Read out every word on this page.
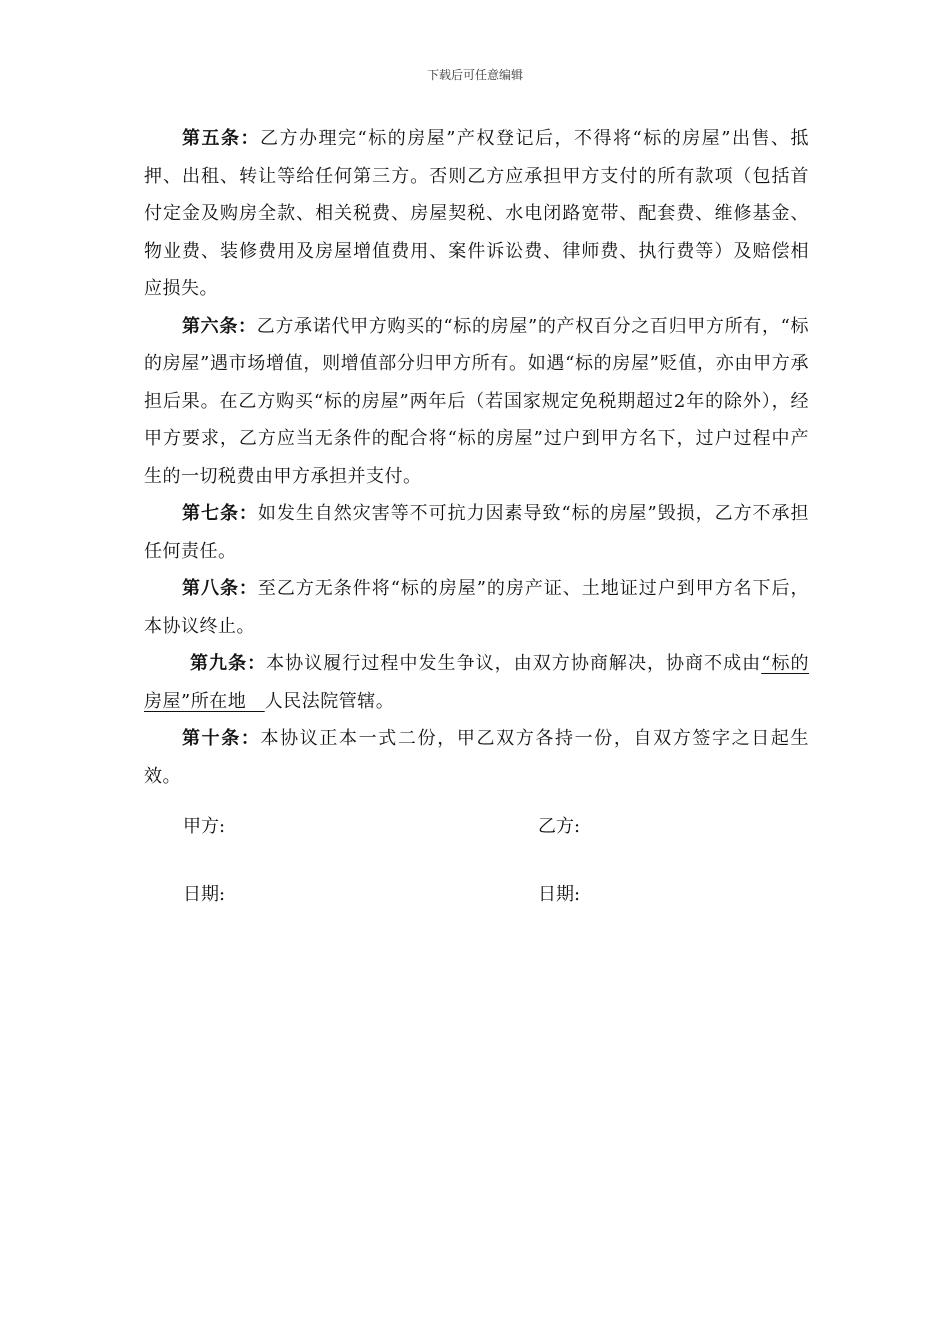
下载后可任意编辑

第五条：乙方办理完“标的房屋”产权登记后，不得将“标的房屋”出售、抵押、出租、转让等给任何第三方。否则乙方应承担甲方支付的所有款项（包括首付定金及购房全款、相关税费、房屋契税、水电闭路宽带、配套费、维修基金、物业费、装修费用及房屋增值费用、案件诉讼费、律师费、执行费等）及赔偿相应损失。

第六条：乙方承诺代甲方购买的“标的房屋”的产权百分之百归甲方所有，“标的房屋”遇市场增值，则增值部分归甲方所有。如遇“标的房屋”贬值，亦由甲方承担后果。在乙方购买“标的房屋”两年后（若国家规定免税期超过2年的除外），经甲方要求，乙方应当无条件的配合将“标的房屋”过户到甲方名下，过户过程中产生的一切税费由甲方承担并支付。

第七条：如发生自然灾害等不可抗力因素导致“标的房屋”毁损，乙方不承担任何责任。

第八条：至乙方无条件将“标的房屋”的房产证、土地证过户到甲方名下后，本协议终止。

第九条：本协议履行过程中发生争议，由双方协商解决，协商不成由“标的房屋”所在地　人民法院管辖。

第十条：本协议正本一式二份，甲乙双方各持一份，自双方签字之日起生效。

甲方:	乙方:
日期:	日期:
